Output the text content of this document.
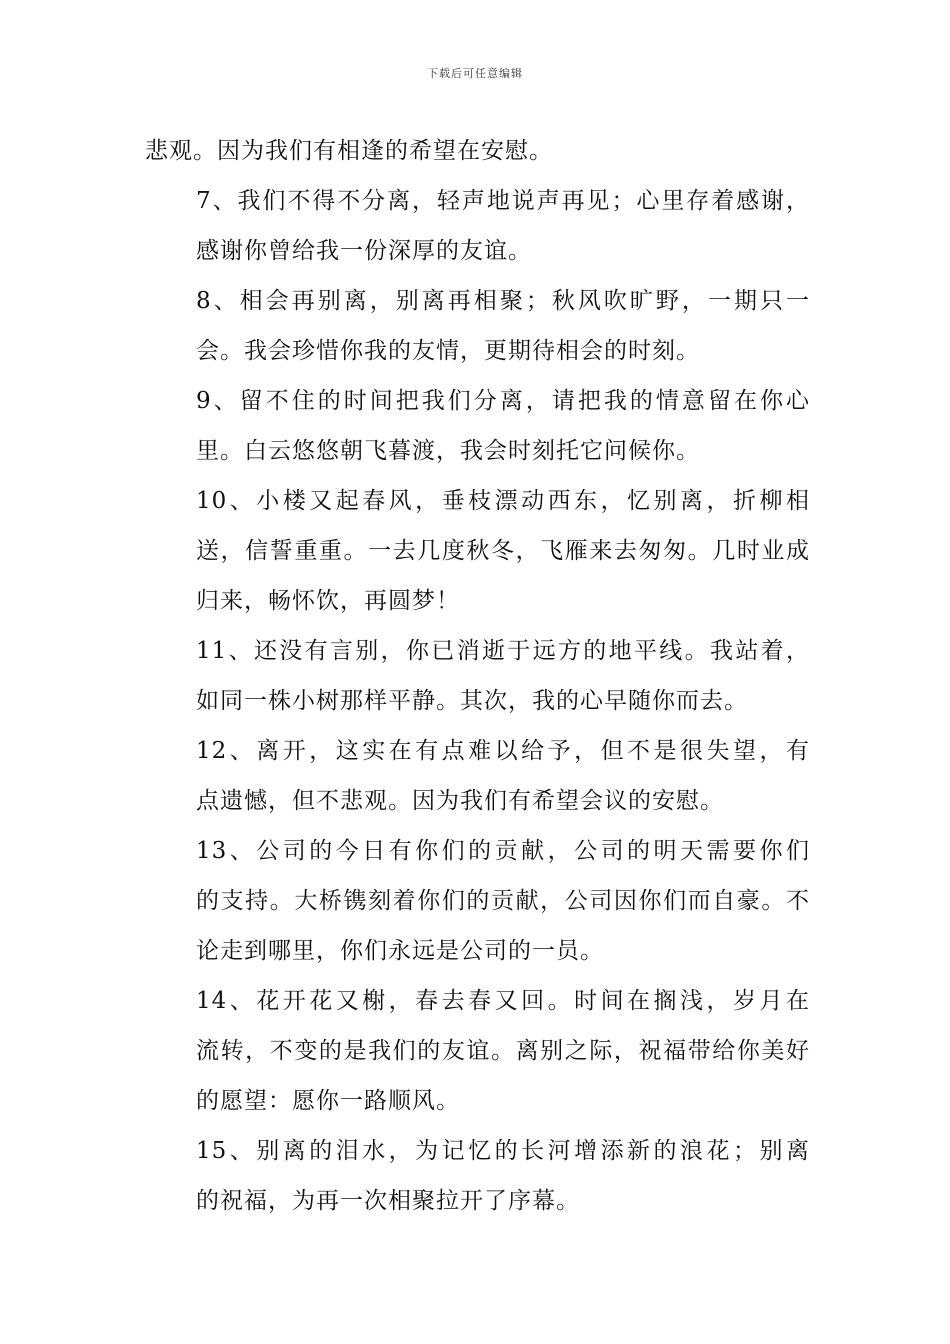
下载后可任意编辑

悲观。因为我们有相逢的希望在安慰。

7、我们不得不分离，轻声地说声再见；心里存着感谢，
感谢你曾给我一份深厚的友谊。

8、相会再别离，别离再相聚；秋风吹旷野，一期只一
会。我会珍惜你我的友情，更期待相会的时刻。

9、留不住的时间把我们分离，请把我的情意留在你心
里。白云悠悠朝飞暮渡，我会时刻托它问候你。

10、小楼又起春风，垂枝漂动西东，忆别离，折柳相
送，信誓重重。一去几度秋冬，飞雁来去匆匆。几时业成
归来，畅怀饮，再圆梦！

11、还没有言别，你已消逝于远方的地平线。我站着，
如同一株小树那样平静。其次，我的心早随你而去。

12、离开，这实在有点难以给予，但不是很失望，有
点遗憾，但不悲观。因为我们有希望会议的安慰。

13、公司的今日有你们的贡献，公司的明天需要你们
的支持。大桥镌刻着你们的贡献，公司因你们而自豪。不
论走到哪里，你们永远是公司的一员。

14、花开花又榭，春去春又回。时间在搁浅，岁月在
流转，不变的是我们的友谊。离别之际，祝福带给你美好
的愿望：愿你一路顺风。

15、别离的泪水，为记忆的长河增添新的浪花；别离
的祝福，为再一次相聚拉开了序幕。
